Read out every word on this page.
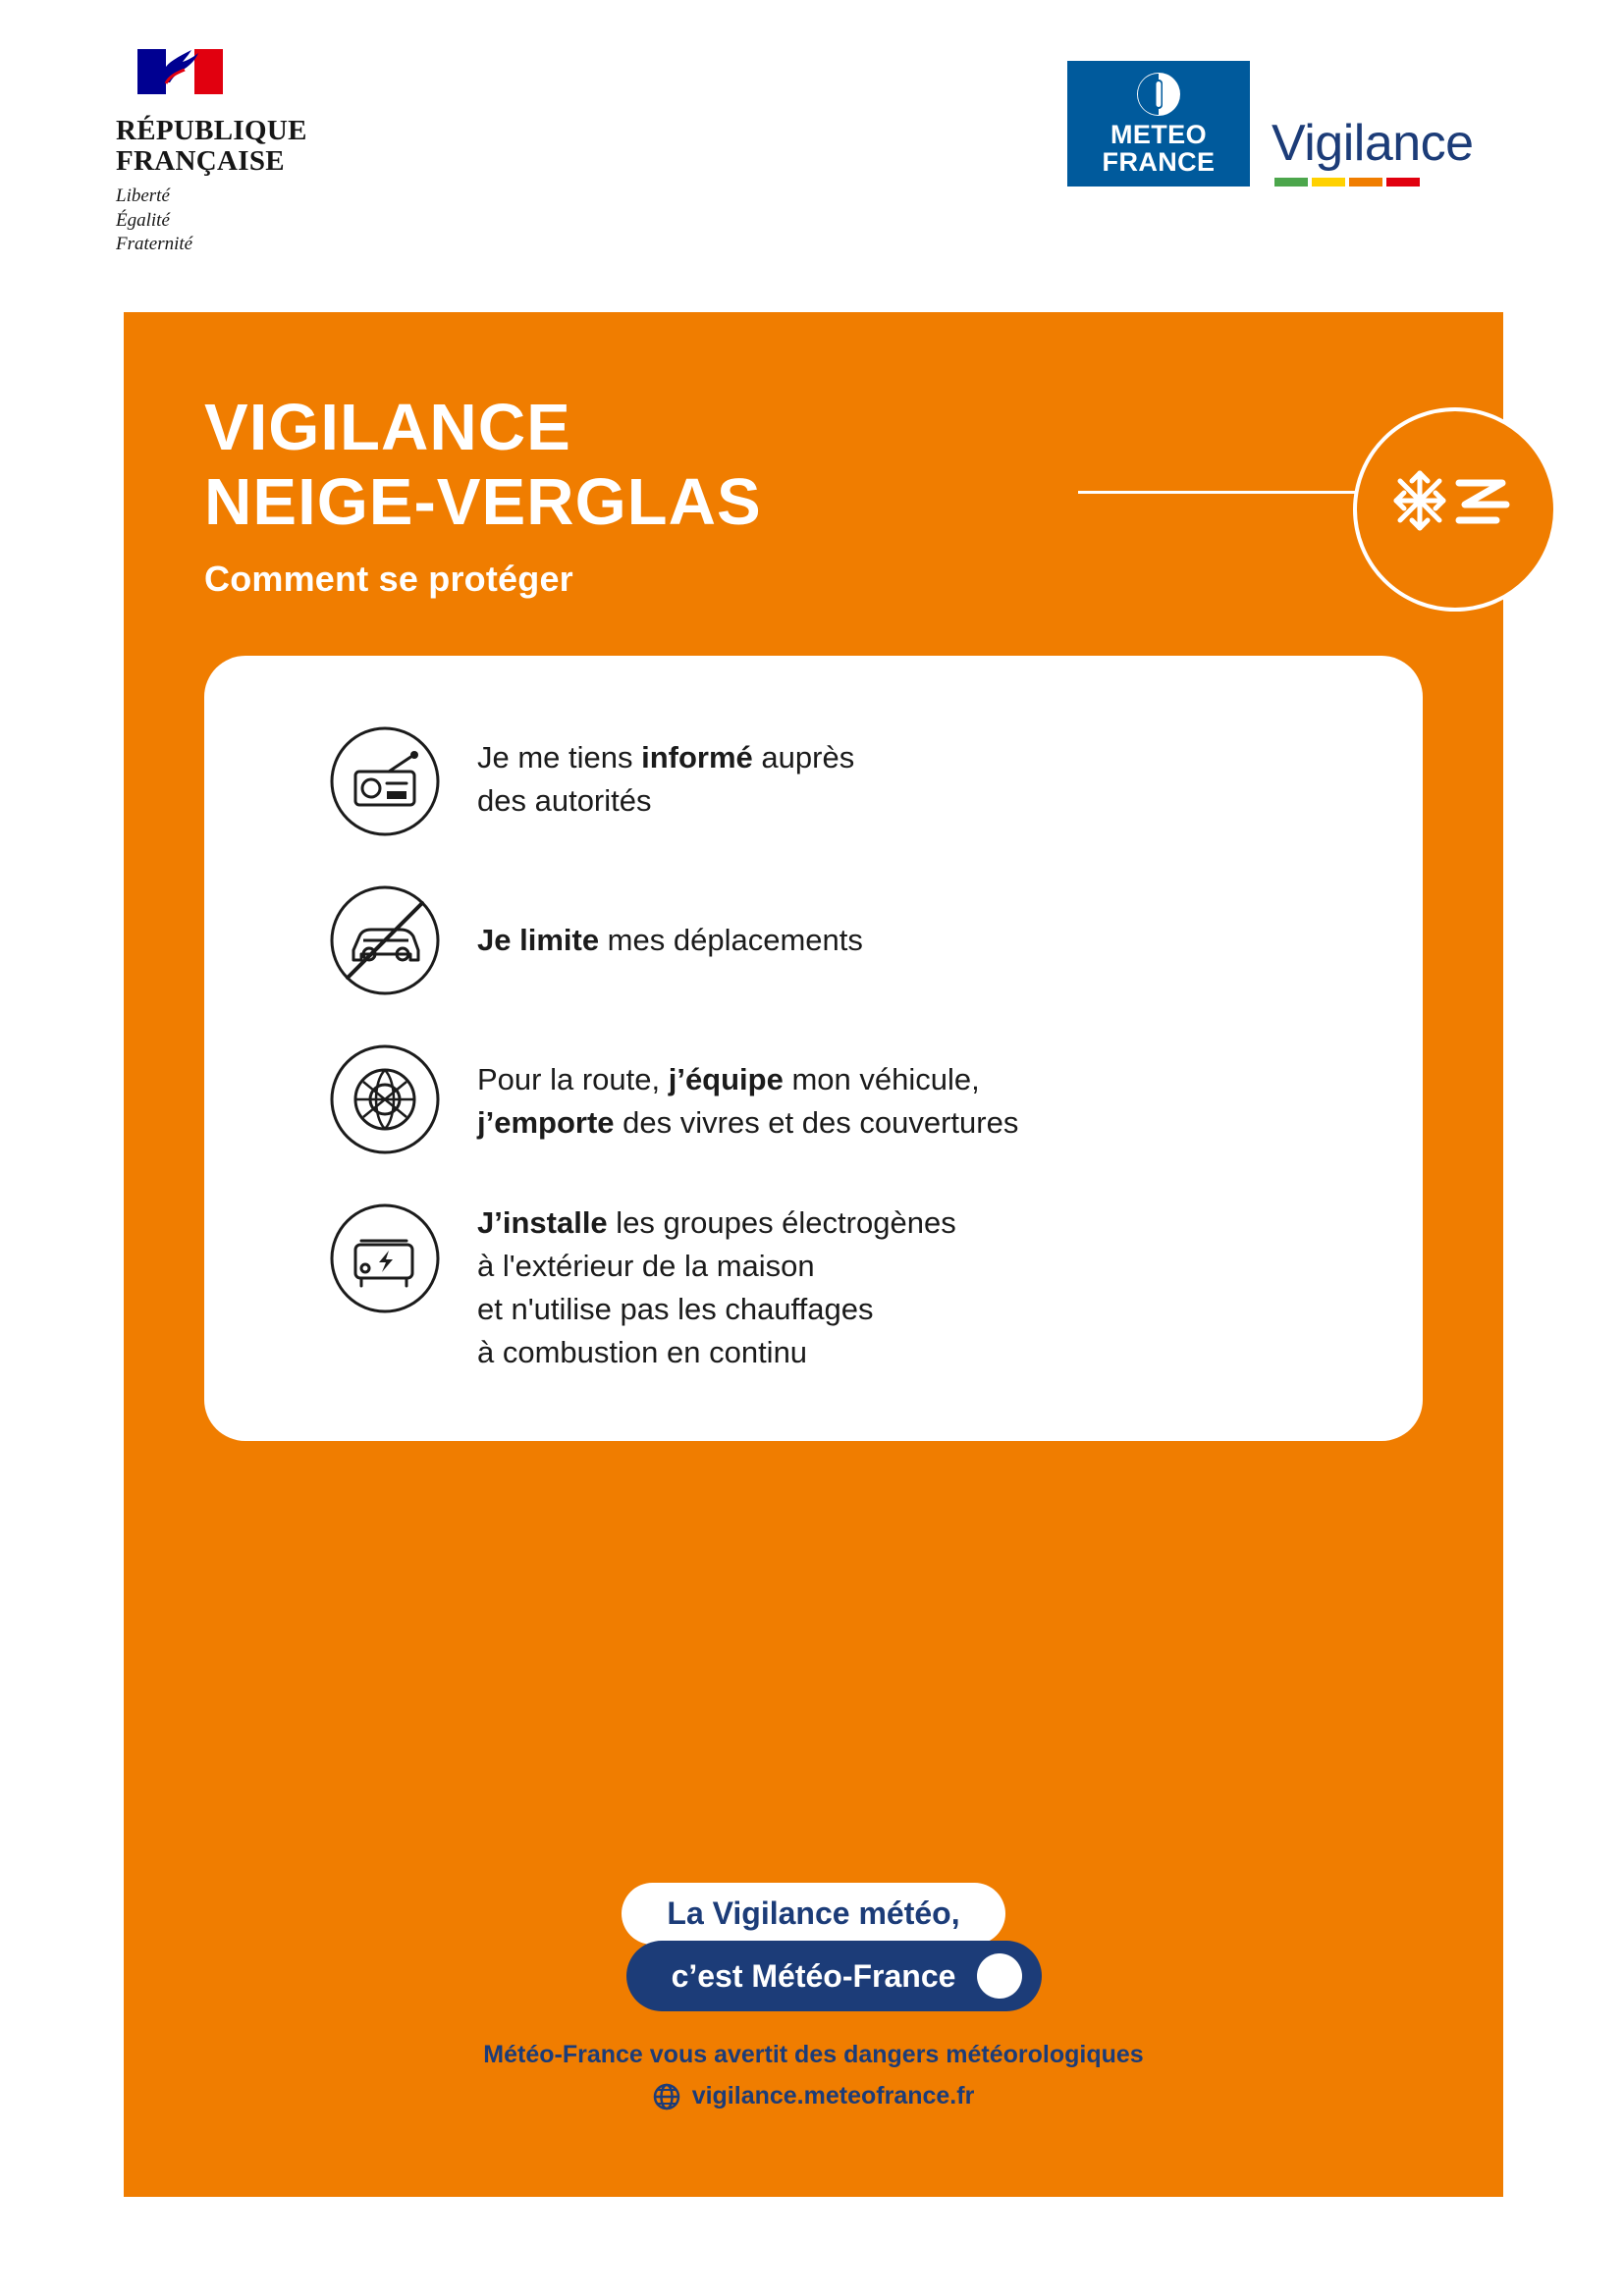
RÉPUBLIQUE
FRANÇAISE
Liberté
Égalité
Fraternité
METEO
FRANCE Vigilance
VIGILANCE
NEIGE-VERGLAS
Comment se protéger
Je me tiens informé auprès
des autorités
Je limite mes déplacements
Pour la route, j’équipe mon véhicule,
j’emporte des vivres et des couvertures
J’installe les groupes électrogènes
à l'extérieur de la maison
et n'utilise pas les chauffages
à combustion en continu
La Vigilance météo,
c’est Météo-France
Météo-France vous avertit des dangers météorologiques
vigilance.meteofrance.fr
